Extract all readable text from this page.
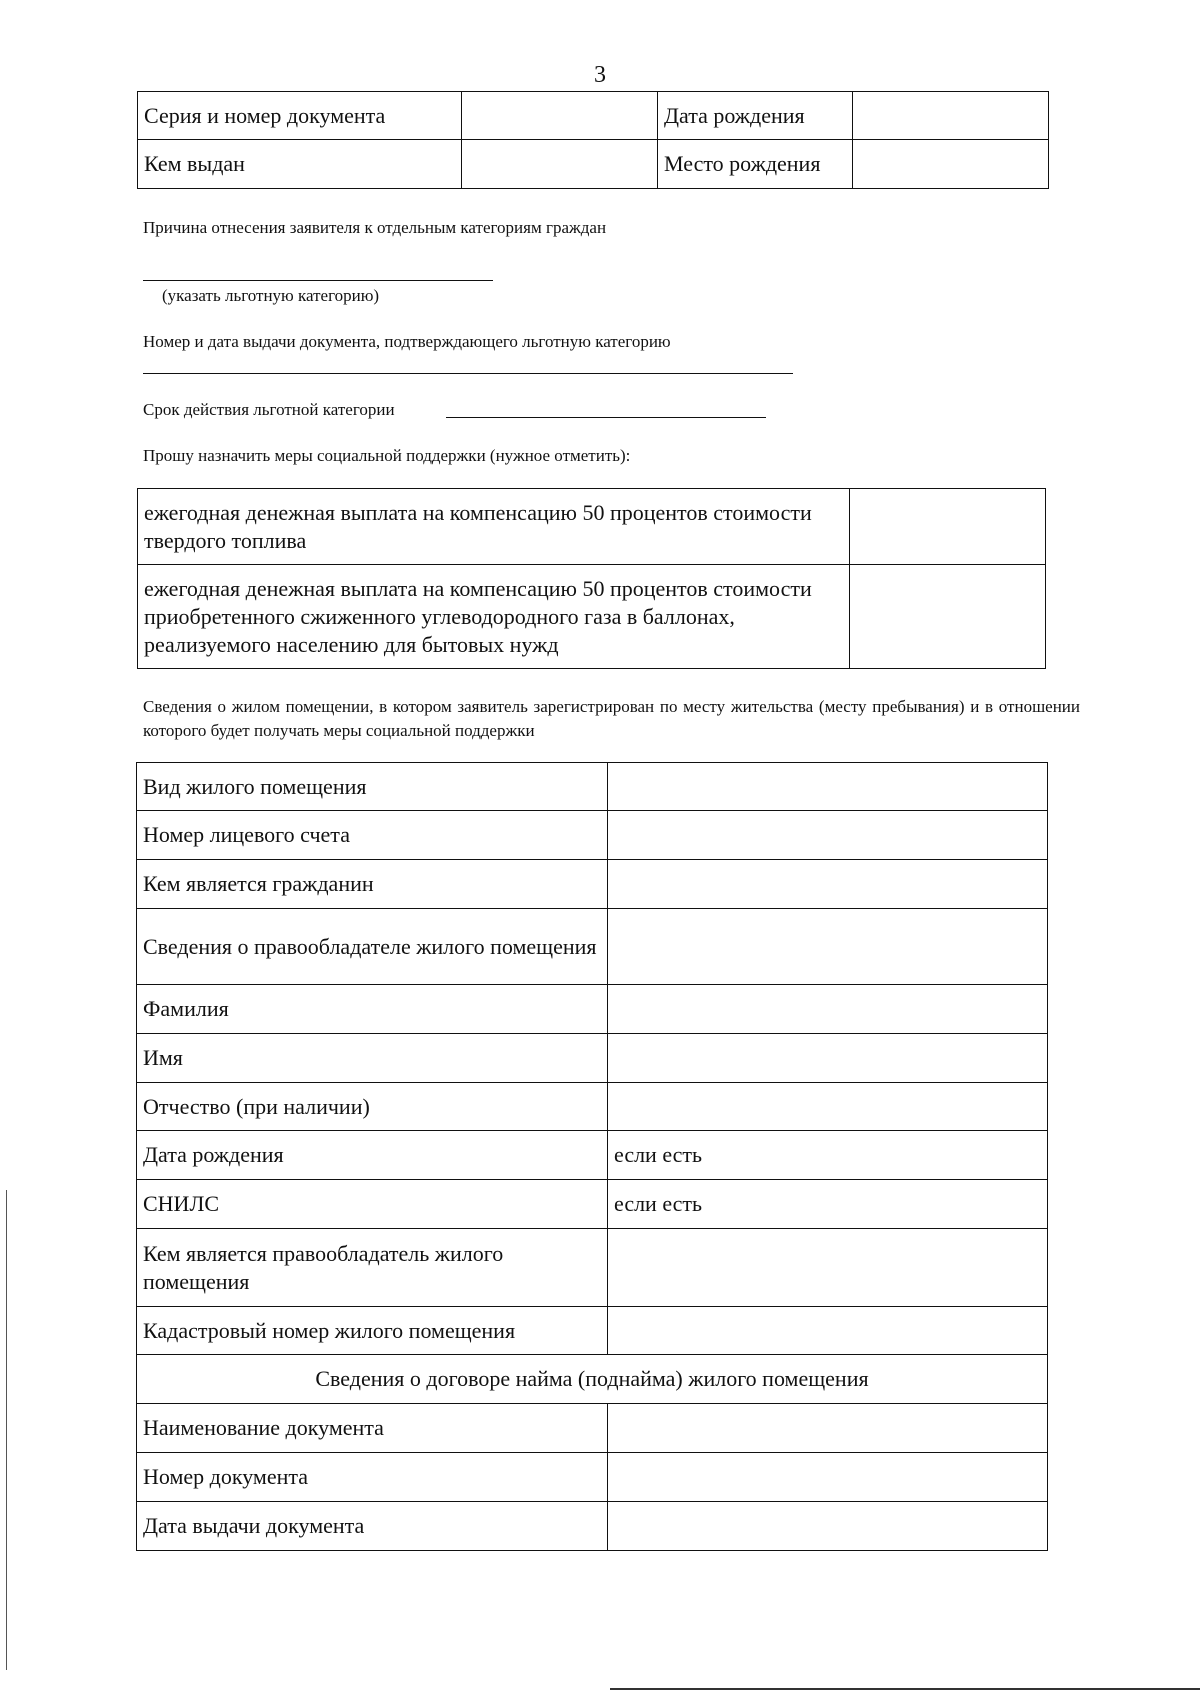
3
Серия и номер документа		Дата рождения	
Кем выдан		Место рождения	
Причина отнесения заявителя к отдельным категориям граждан
(указать льготную категорию)
Номер и дата выдачи документа, подтверждающего льготную категорию
Срок действия льготной категории
Прошу назначить меры социальной поддержки (нужное отметить):
ежегодная денежная выплата на компенсацию 50 процентов стоимости твердого топлива	
ежегодная денежная выплата на компенсацию 50 процентов стоимости приобретенного сжиженного углеводородного газа в баллонах, реализуемого населению для бытовых нужд	
Сведения о жилом помещении, в котором заявитель зарегистрирован по месту жительства (месту пребывания) и в отношении которого будет получать меры социальной поддержки
Вид жилого помещения	
Номер лицевого счета	
Кем является гражданин	
Сведения о правообладателе жилого помещения	
Фамилия	
Имя	
Отчество (при наличии)	
Дата рождения	если есть
СНИЛС	если есть
Кем является правообладатель жилого помещения	
Кадастровый номер жилого помещения	
Сведения о договоре найма (поднайма) жилого помещения	
Наименование документа	
Номер документа	
Дата выдачи документа	
